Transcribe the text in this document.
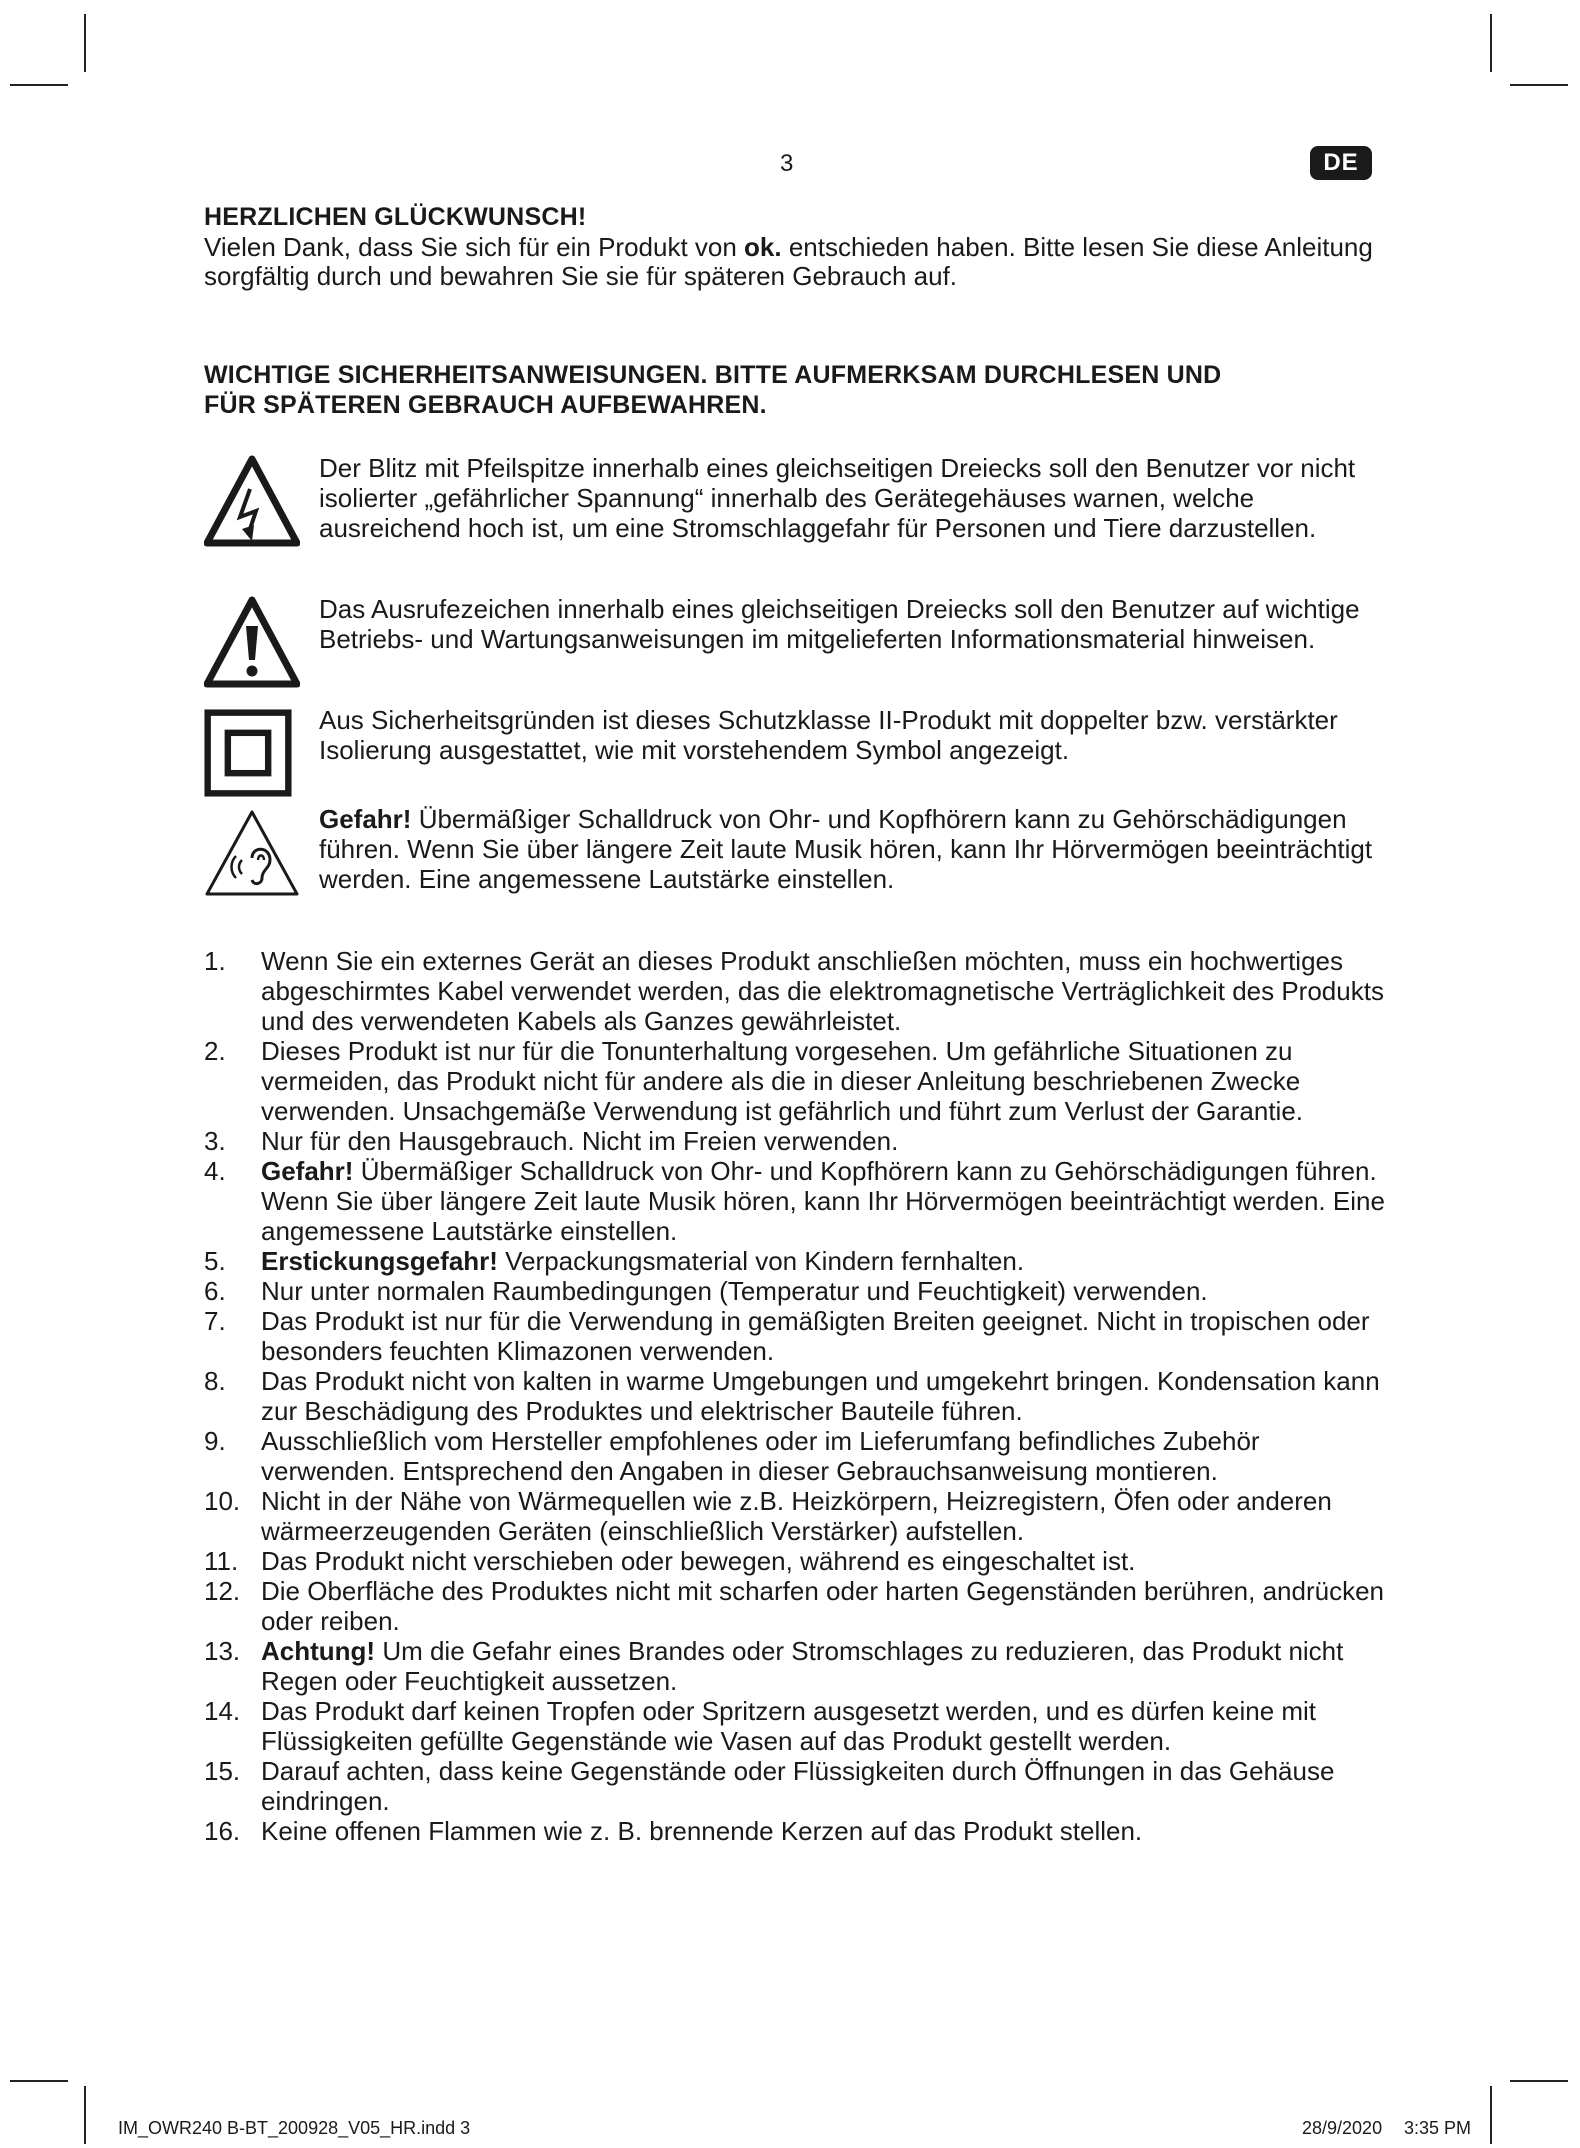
3	DE
HERZLICHEN GLÜCKWUNSCH!
Vielen Dank, dass Sie sich für ein Produkt von ok. entschieden haben. Bitte lesen Sie diese Anleitung sorgfältig durch und bewahren Sie sie für späteren Gebrauch auf.
WICHTIGE SICHERHEITSANWEISUNGEN. BITTE AUFMERKSAM DURCHLESEN UND
FÜR SPÄTEREN GEBRAUCH AUFBEWAHREN.
Der Blitz mit Pfeilspitze innerhalb eines gleichseitigen Dreiecks soll den Benutzer vor nicht isolierter „gefährlicher Spannung“ innerhalb des Gerätegehäuses warnen, welche ausreichend hoch ist, um eine Stromschlaggefahr für Personen und Tiere darzustellen.
Das Ausrufezeichen innerhalb eines gleichseitigen Dreiecks soll den Benutzer auf wichtige Betriebs- und Wartungsanweisungen im mitgelieferten Informationsmaterial hinweisen.
Aus Sicherheitsgründen ist dieses Schutzklasse II-Produkt mit doppelter bzw. verstärkter Isolierung ausgestattet, wie mit vorstehendem Symbol angezeigt.
Gefahr! Übermäßiger Schalldruck von Ohr- und Kopfhörern kann zu Gehörschädigungen führen. Wenn Sie über längere Zeit laute Musik hören, kann Ihr Hörvermögen beeinträchtigt werden. Eine angemessene Lautstärke einstellen.
1. Wenn Sie ein externes Gerät an dieses Produkt anschließen möchten, muss ein hochwertiges abgeschirmtes Kabel verwendet werden, das die elektromagnetische Verträglichkeit des Produkts und des verwendeten Kabels als Ganzes gewährleistet.
2. Dieses Produkt ist nur für die Tonunterhaltung vorgesehen. Um gefährliche Situationen zu vermeiden, das Produkt nicht für andere als die in dieser Anleitung beschriebenen Zwecke verwenden. Unsachgemäße Verwendung ist gefährlich und führt zum Verlust der Garantie.
3. Nur für den Hausgebrauch. Nicht im Freien verwenden.
4. Gefahr! Übermäßiger Schalldruck von Ohr- und Kopfhörern kann zu Gehörschädigungen führen. Wenn Sie über längere Zeit laute Musik hören, kann Ihr Hörvermögen beeinträchtigt werden. Eine angemessene Lautstärke einstellen.
5. Erstickungsgefahr! Verpackungsmaterial von Kindern fernhalten.
6. Nur unter normalen Raumbedingungen (Temperatur und Feuchtigkeit) verwenden.
7. Das Produkt ist nur für die Verwendung in gemäßigten Breiten geeignet. Nicht in tropischen oder besonders feuchten Klimazonen verwenden.
8. Das Produkt nicht von kalten in warme Umgebungen und umgekehrt bringen. Kondensation kann zur Beschädigung des Produktes und elektrischer Bauteile führen.
9. Ausschließlich vom Hersteller empfohlenes oder im Lieferumfang befindliches Zubehör verwenden. Entsprechend den Angaben in dieser Gebrauchsanweisung montieren.
10. Nicht in der Nähe von Wärmequellen wie z.B. Heizkörpern, Heizregistern, Öfen oder anderen wärmeerzeugenden Geräten (einschließlich Verstärker) aufstellen.
11. Das Produkt nicht verschieben oder bewegen, während es eingeschaltet ist.
12. Die Oberfläche des Produktes nicht mit scharfen oder harten Gegenständen berühren, andrücken oder reiben.
13. Achtung! Um die Gefahr eines Brandes oder Stromschlages zu reduzieren, das Produkt nicht Regen oder Feuchtigkeit aussetzen.
14. Das Produkt darf keinen Tropfen oder Spritzern ausgesetzt werden, und es dürfen keine mit Flüssigkeiten gefüllte Gegenstände wie Vasen auf das Produkt gestellt werden.
15. Darauf achten, dass keine Gegenstände oder Flüssigkeiten durch Öffnungen in das Gehäuse eindringen.
16. Keine offenen Flammen wie z. B. brennende Kerzen auf das Produkt stellen.
IM_OWR240 B-BT_200928_V05_HR.indd 3	28/9/2020 3:35 PM
